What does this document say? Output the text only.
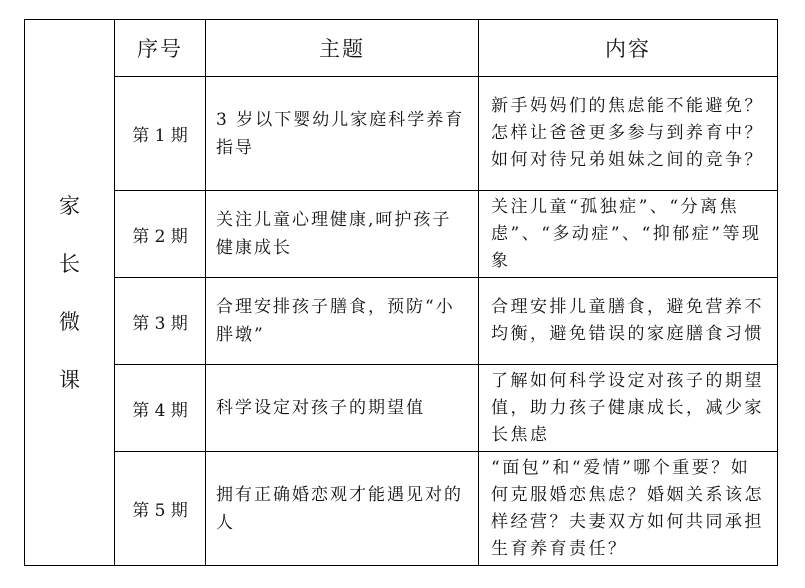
家
长
微
课	序号	主题	内容
	第 1 期	3 岁以下婴幼儿家庭科学养育指导	新手妈妈们的焦虑能不能避免？怎样让爸爸更多参与到养育中？如何对待兄弟姐妹之间的竞争？
	第 2 期	关注儿童心理健康,呵护孩子健康成长	关注儿童“孤独症”、“分离焦虑”、“多动症”、“抑郁症”等现象
	第 3 期	合理安排孩子膳食，预防“小胖墩”	合理安排儿童膳食，避免营养不均衡，避免错误的家庭膳食习惯
	第 4 期	科学设定对孩子的期望值	了解如何科学设定对孩子的期望值，助力孩子健康成长，减少家长焦虑
	第 5 期	拥有正确婚恋观才能遇见对的人	“面包”和“爱情”哪个重要？如何克服婚恋焦虑？婚姻关系该怎样经营？夫妻双方如何共同承担生育养育责任？
